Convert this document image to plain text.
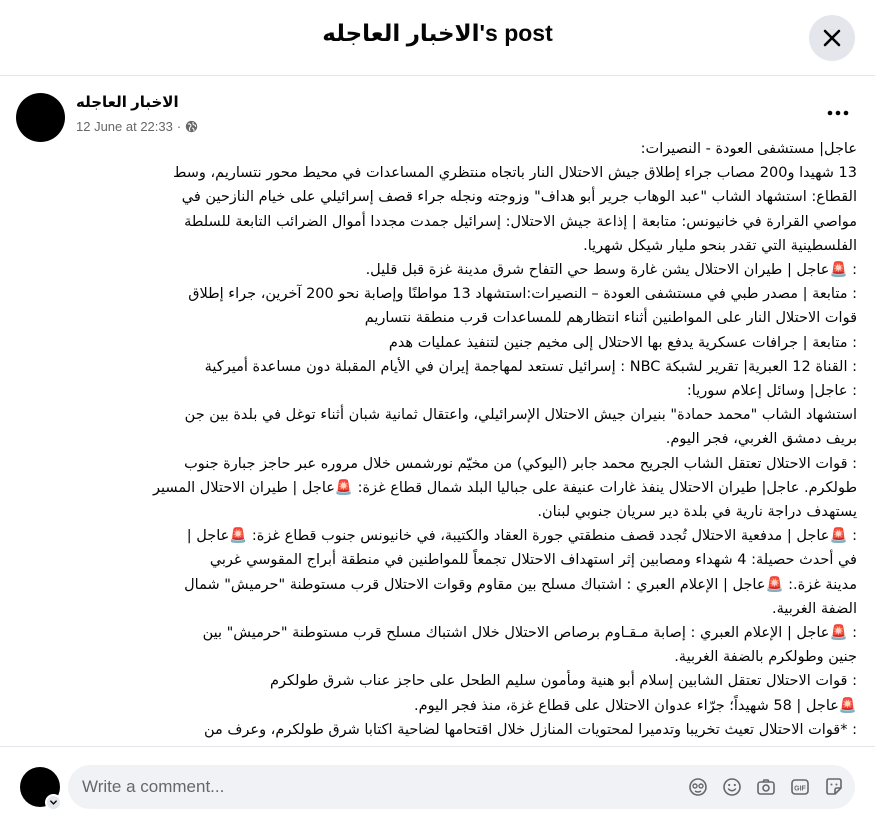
الاخبار العاجله's post
الاخبار العاجله
12 June at 22:33 ·
عاجل| مستشفى العودة - النصيرات:
13 شهيدا و200 مصاب جراء إطلاق جيش الاحتلال النار باتجاه منتظري المساعدات في محيط محور نتساريم، وسط
القطاع: استشهاد الشاب "عبد الوهاب جرير أبو هداف" وزوجته ونجله جراء قصف إسرائيلي على خيام النازحين في
مواصي القرارة في خانيونس: متابعة | إذاعة جيش الاحتلال: إسرائيل جمدت مجددا أموال الضرائب التابعة للسلطة
الفلسطينية التي تقدر بنحو مليار شيكل شهريا.
: 🚨عاجل | طيران الاحتلال يشن غارة وسط حي التفاح شرق مدينة غزة قبل قليل.
: متابعة | مصدر طبي في مستشفى العودة – النصيرات:استشهاد 13 مواطنًا وإصابة نحو 200 آخرين، جراء إطلاق
قوات الاحتلال النار على المواطنين أثناء انتظارهم للمساعدات قرب منطقة نتساريم
: متابعة | جرافات عسكرية يدفع بها الاحتلال إلى مخيم جنين لتنفيذ عمليات هدم
: القناة 12 العبرية| تقرير لشبكة NBC : إسرائيل تستعد لمهاجمة إيران في الأيام المقبلة دون مساعدة أميركية
: عاجل| وسائل إعلام سوريا:
استشهاد الشاب "محمد حمادة" بنيران جيش الاحتلال الإسرائيلي، واعتقال ثمانية شبان أثناء توغل في بلدة بين جن
بريف دمشق الغربي، فجر اليوم.
: قوات الاحتلال تعتقل الشاب الجريح محمد جابر (اليوكي) من مخيّم نورشمس خلال مروره عبر حاجز جبارة جنوب
طولكرم. عاجل| طيران الاحتلال ينفذ غارات عنيفة على جباليا البلد شمال قطاع غزة: 🚨عاجل | طيران الاحتلال المسير
يستهدف دراجة نارية في بلدة دير سريان جنوبي لبنان.
: 🚨عاجل | مدفعية الاحتلال تُجدد قصف منطقتي جورة العقاد والكتيبة، في خانيونس جنوب قطاع غزة: 🚨عاجل |
في أحدث حصيلة: 4 شهداء ومصابين إثر استهداف الاحتلال تجمعاً للمواطنين في منطقة أبراج المقوسي غربي
مدينة غزة.: 🚨عاجل | الإعلام العبري : اشتباك مسلح بين مقاوم وقوات الاحتلال قرب مستوطنة "حرميش" شمال
الضفة الغربية.
: 🚨عاجل | الإعلام العبري : إصابة مـقـاوم برصاص الاحتلال خلال اشتباك مسلح قرب مستوطنة "حرميش" بين
جنين وطولكرم بالضفة الغربية.
: قوات الاحتلال تعتقل الشابين إسلام أبو هنية ومأمون سليم الطحل على حاجز عناب شرق طولكرم
🚨عاجل | 58 شهيداً؛ جرّاء عدوان الاحتلال على قطاع غزة، منذ فجر اليوم.
: *قوات الاحتلال تعيث تخريبا وتدميرا لمحتويات المنازل خلال اقتحامها لضاحية اكتابا شرق طولكرم، وعرف من
Write a comment...
GIF
